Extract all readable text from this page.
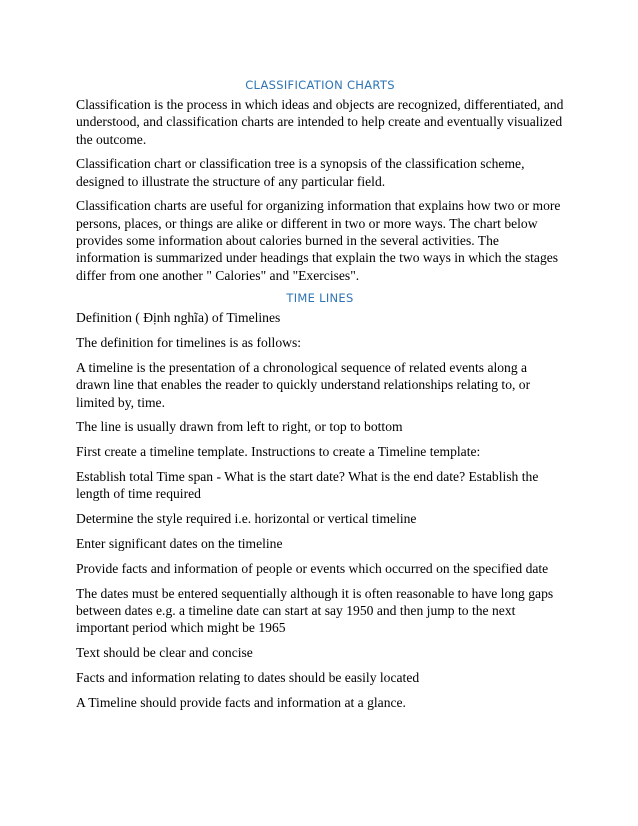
CLASSIFICATION CHARTS

Classification is the process in which ideas and objects are recognized, differentiated, and understood, and classification charts are intended to help create and eventually visualized the outcome.

Classification chart or classification tree is a synopsis of the classification scheme, designed to illustrate the structure of any particular field.

Classification charts are useful for organizing information that explains how two or more persons, places, or things are alike or different in two or more ways. The chart below provides some information about calories burned in the several activities. The information is summarized under headings that explain the two ways in which the stages differ from one another " Calories" and "Exercises".

TIME LINES

Definition ( Định nghĩa) of Timelines

The definition for timelines is as follows:

A timeline is the presentation of a chronological sequence of related events along a drawn line that enables the reader to quickly understand relationships relating to, or limited by, time.

The line is usually drawn from left to right, or top to bottom

First create a timeline template. Instructions to create a Timeline template:

Establish total Time span - What is the start date? What is the end date? Establish the length of time required

Determine the style required i.e. horizontal or vertical timeline

Enter significant dates on the timeline

Provide facts and information of people or events which occurred on the specified date

The dates must be entered sequentially although it is often reasonable to have long gaps between dates e.g. a timeline date can start at say 1950 and then jump to the next important period which might be 1965

Text should be clear and concise

Facts and information relating to dates should be easily located

A Timeline should provide facts and information at a glance.
